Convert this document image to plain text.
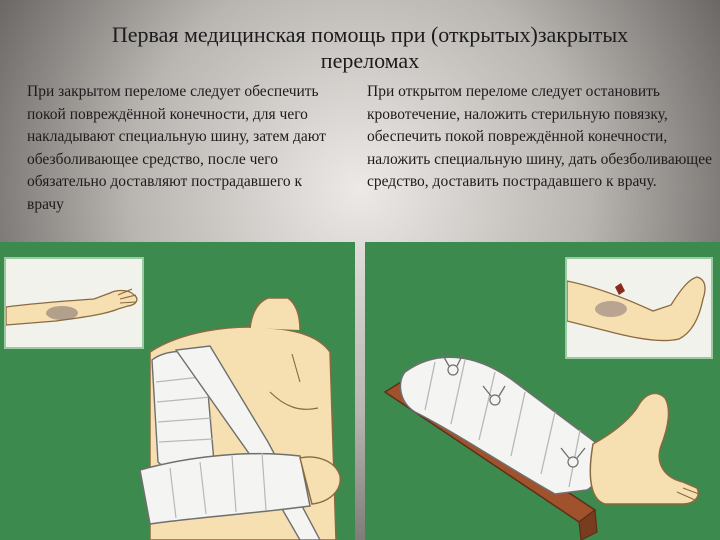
Первая медицинская помощь при (открытых)закрытых переломах

При закрытом переломе следует обеспечить покой повреждённой конечности, для чего накладывают специальную шину, затем дают обезболивающее средство, после чего обязательно доставляют пострадавшего к врачу

При открытом переломе следует остановить кровотечение, наложить стерильную повязку, обеспечить покой повреждённой конечности, наложить специальную шину, дать обезболивающее средство, доставить пострадавшего к врачу.
